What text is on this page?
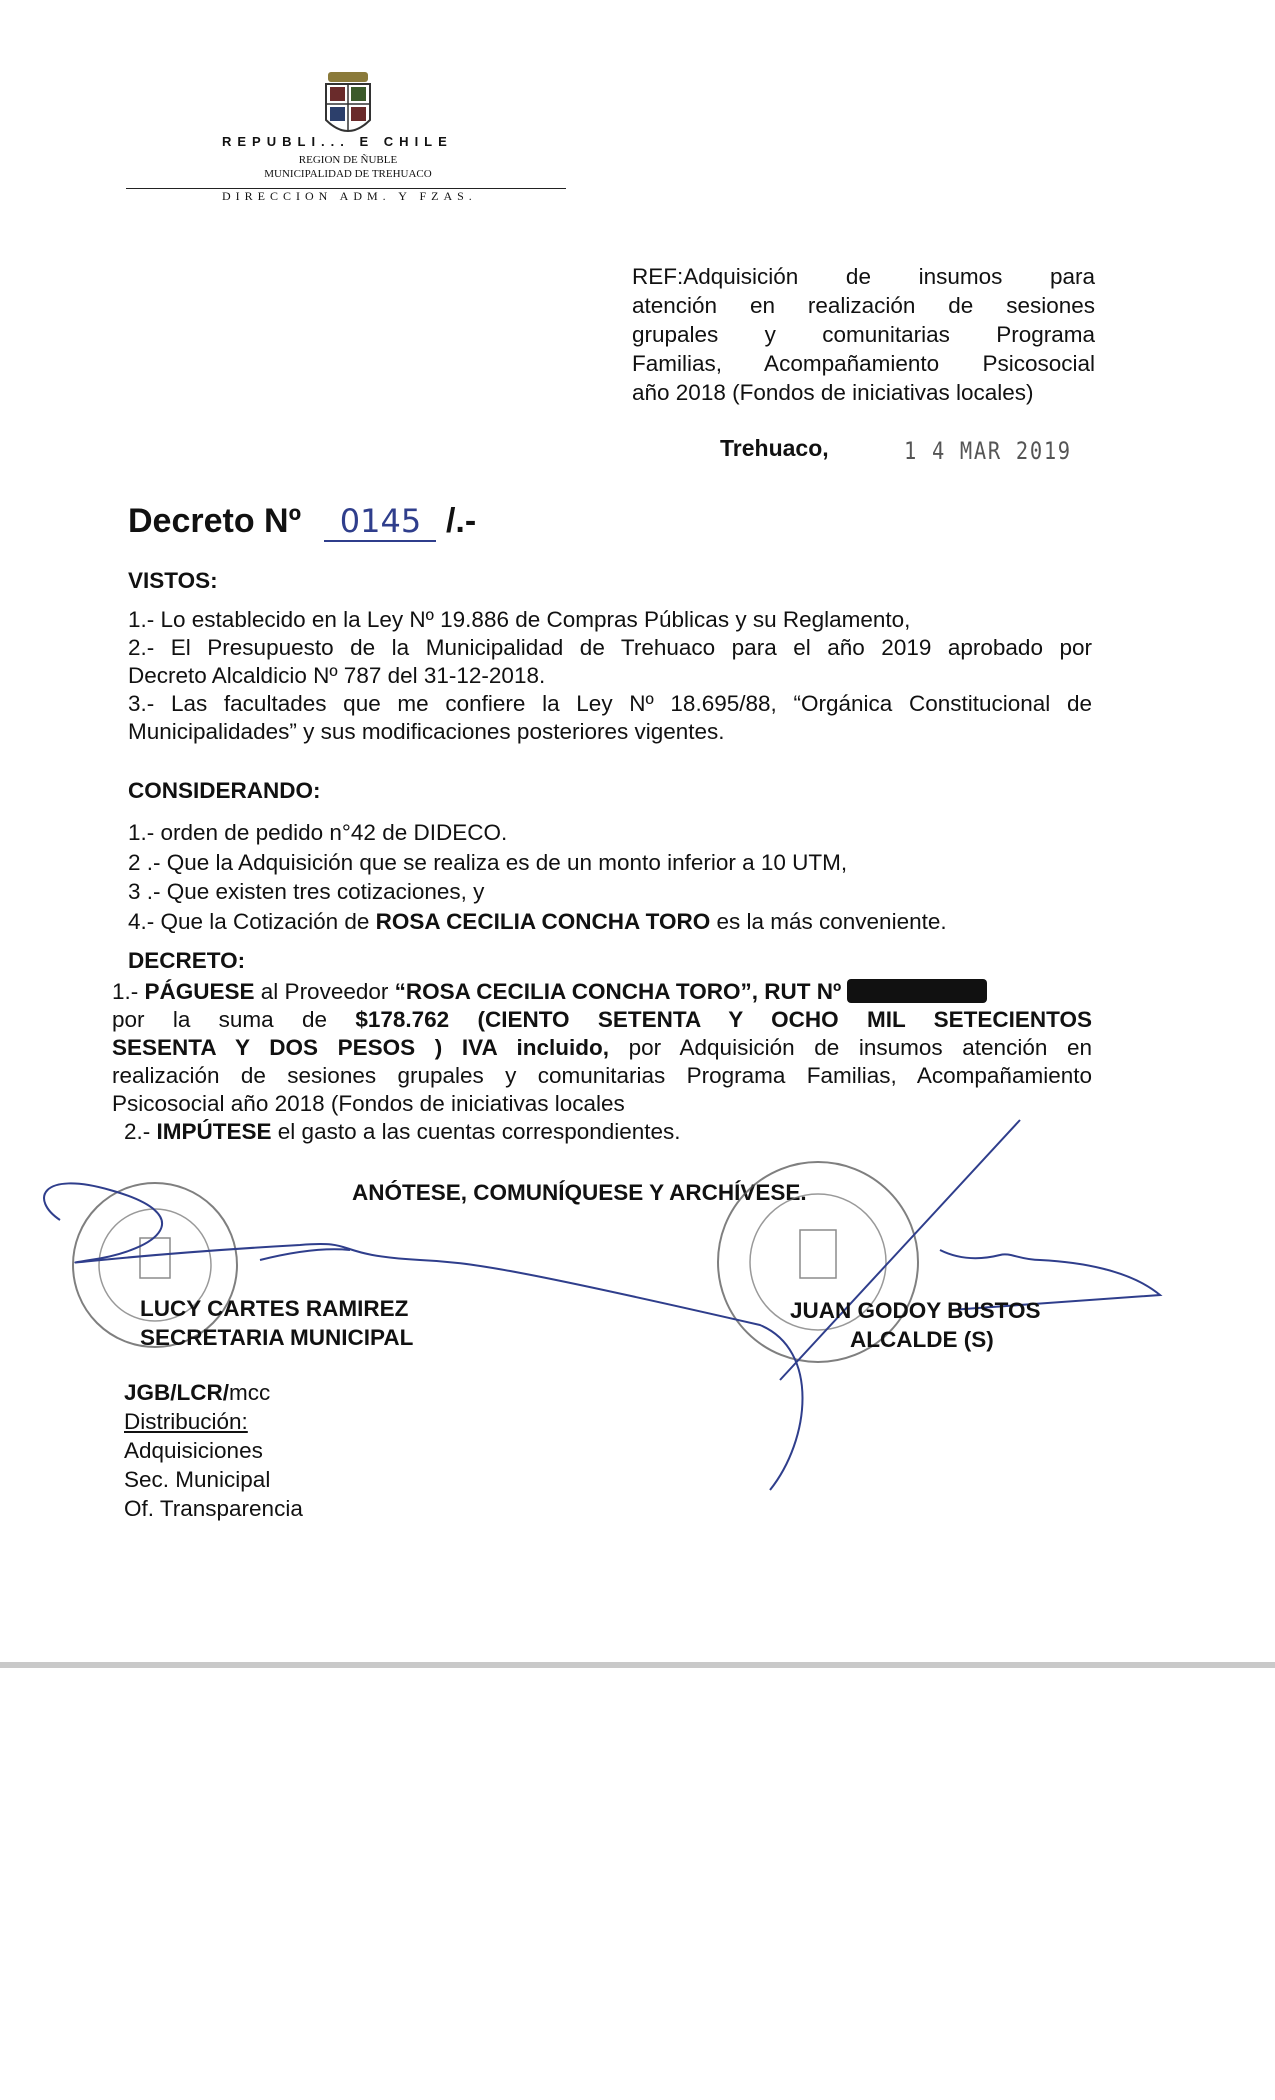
REPUBLI... E CHILE
REGION DE ÑUBLE
MUNICIPALIDAD DE TREHUACO
DIRECCION ADM. Y FZAS.
REF:Adquisición de insumos para
atención en realización de sesiones
grupales y comunitarias Programa
Familias, Acompañamiento Psicosocial
año 2018 (Fondos de iniciativas locales)
Trehuaco,	1 4 MAR 2019
Decreto Nº 0145 /.-
VISTOS:
1.- Lo establecido en la Ley Nº 19.886 de Compras Públicas y su Reglamento,
2.- El Presupuesto de la Municipalidad de Trehuaco para el año 2019 aprobado por
Decreto Alcaldicio Nº 787 del 31-12-2018.
3.- Las facultades que me confiere la Ley Nº 18.695/88, “Orgánica Constitucional de
Municipalidades” y sus modificaciones posteriores vigentes.
CONSIDERANDO:
1.- orden de pedido n°42 de DIDECO.
2 .- Que la Adquisición que se realiza es de un monto inferior a 10 UTM,
3 .- Que existen tres cotizaciones, y
4.- Que la Cotización de ROSA CECILIA CONCHA TORO es la más conveniente.
DECRETO:
1.- PÁGUESE al Proveedor “ROSA CECILIA CONCHA TORO”, RUT Nº
por la suma de $178.762 (CIENTO SETENTA Y OCHO MIL SETECIENTOS
SESENTA Y DOS PESOS ) IVA incluido, por Adquisición de insumos atención en
realización de sesiones grupales y comunitarias Programa Familias, Acompañamiento
Psicosocial año 2018 (Fondos de iniciativas locales
2.- IMPÚTESE el gasto a las cuentas correspondientes.
ANÓTESE, COMUNÍQUESE Y ARCHÍVESE.
LUCY CARTES RAMIREZ
SECRETARIA MUNICIPAL
JUAN GODOY BUSTOS
ALCALDE (S)
JGB/LCR/mcc
Distribución:
Adquisiciones
Sec. Municipal
Of. Transparencia
